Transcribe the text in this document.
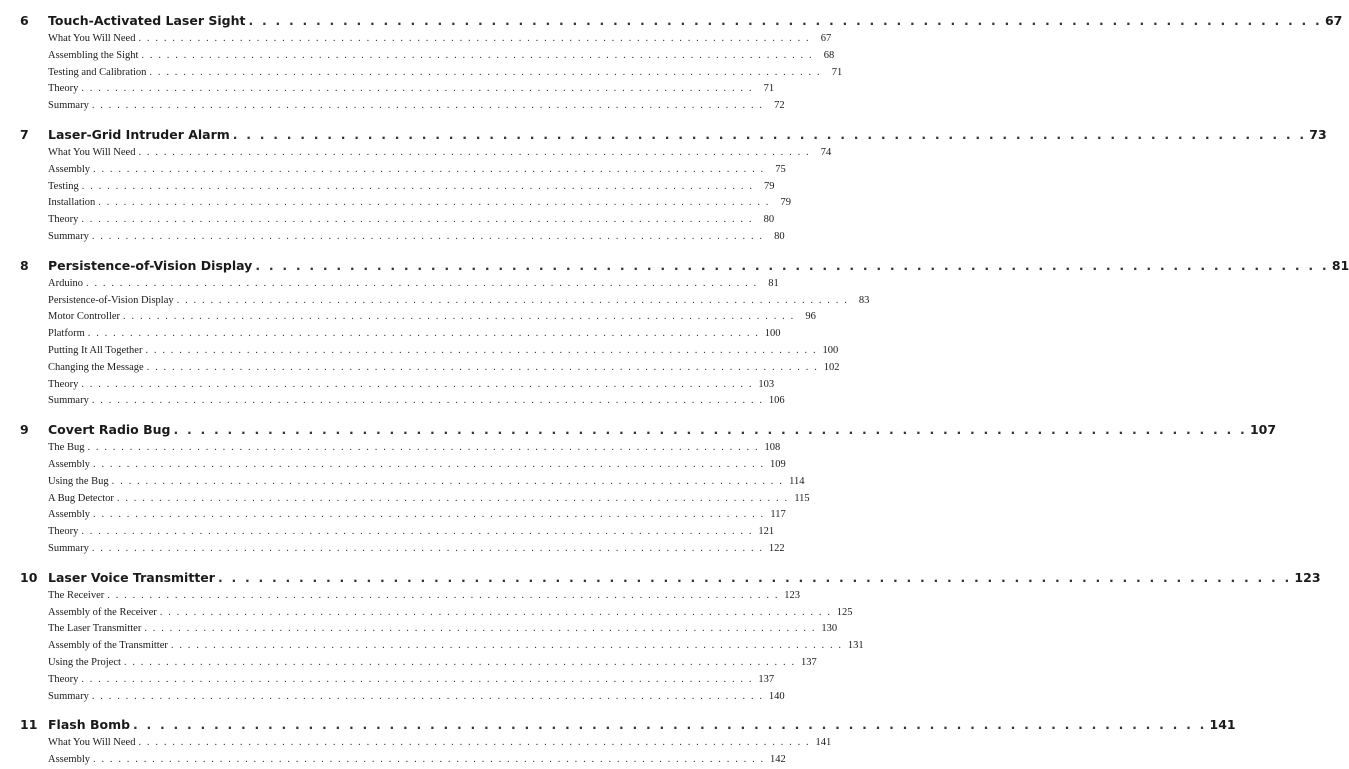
6	Touch-Activated Laser Sight . . . . . . . . . . . . . . . . . . . . . . . . . . . . . . . . . . . . . . . . . . . . . . . . . . . . . . . . . . . . . . . . . . . . . . . . . . . . . . . . 67
What You Will Need . . . . . . . . . . . . . . . . . . . . . . . . . . . . . . . . . . . . . . . . . . . . . . . . . . . . . . . . . . . . . . . . . . . . . . . . . . . . . . . .	67
Assembling the Sight . . . . . . . . . . . . . . . . . . . . . . . . . . . . . . . . . . . . . . . . . . . . . . . . . . . . . . . . . . . . . . . . . . . . . . . . . . . . . . . .	68
Testing and Calibration . . . . . . . . . . . . . . . . . . . . . . . . . . . . . . . . . . . . . . . . . . . . . . . . . . . . . . . . . . . . . . . . . . . . . . . . . . . . . . . .	71
Theory . . . . . . . . . . . . . . . . . . . . . . . . . . . . . . . . . . . . . . . . . . . . . . . . . . . . . . . . . . . . . . . . . . . . . . . . . . . . . . . .	71
Summary . . . . . . . . . . . . . . . . . . . . . . . . . . . . . . . . . . . . . . . . . . . . . . . . . . . . . . . . . . . . . . . . . . . . . . . . . . . . . . . .	72
7	Laser-Grid Intruder Alarm . . . . . . . . . . . . . . . . . . . . . . . . . . . . . . . . . . . . . . . . . . . . . . . . . . . . . . . . . . . . . . . . . . . . . . . . . . . . . . . . 73
What You Will Need . . . . . . . . . . . . . . . . . . . . . . . . . . . . . . . . . . . . . . . . . . . . . . . . . . . . . . . . . . . . . . . . . . . . . . . . . . . . . . . .	74
Assembly . . . . . . . . . . . . . . . . . . . . . . . . . . . . . . . . . . . . . . . . . . . . . . . . . . . . . . . . . . . . . . . . . . . . . . . . . . . . . . . .	75
Testing . . . . . . . . . . . . . . . . . . . . . . . . . . . . . . . . . . . . . . . . . . . . . . . . . . . . . . . . . . . . . . . . . . . . . . . . . . . . . . . .	79
Installation . . . . . . . . . . . . . . . . . . . . . . . . . . . . . . . . . . . . . . . . . . . . . . . . . . . . . . . . . . . . . . . . . . . . . . . . . . . . . . . .	79
Theory . . . . . . . . . . . . . . . . . . . . . . . . . . . . . . . . . . . . . . . . . . . . . . . . . . . . . . . . . . . . . . . . . . . . . . . . . . . . . . . .	80
Summary . . . . . . . . . . . . . . . . . . . . . . . . . . . . . . . . . . . . . . . . . . . . . . . . . . . . . . . . . . . . . . . . . . . . . . . . . . . . . . . .	80
8	Persistence-of-Vision Display . . . . . . . . . . . . . . . . . . . . . . . . . . . . . . . . . . . . . . . . . . . . . . . . . . . . . . . . . . . . . . . . . . . . . . . . . . . . . . . . 81
Arduino . . . . . . . . . . . . . . . . . . . . . . . . . . . . . . . . . . . . . . . . . . . . . . . . . . . . . . . . . . . . . . . . . . . . . . . . . . . . . . . .	81
Persistence-of-Vision Display . . . . . . . . . . . . . . . . . . . . . . . . . . . . . . . . . . . . . . . . . . . . . . . . . . . . . . . . . . . . . . . . . . . . . . . . . . . . . . . .	83
Motor Controller . . . . . . . . . . . . . . . . . . . . . . . . . . . . . . . . . . . . . . . . . . . . . . . . . . . . . . . . . . . . . . . . . . . . . . . . . . . . . . . .	96
Platform . . . . . . . . . . . . . . . . . . . . . . . . . . . . . . . . . . . . . . . . . . . . . . . . . . . . . . . . . . . . . . . . . . . . . . . . . . . . . . . . 100
Putting It All Together . . . . . . . . . . . . . . . . . . . . . . . . . . . . . . . . . . . . . . . . . . . . . . . . . . . . . . . . . . . . . . . . . . . . . . . . . . . . . . . . 100
Changing the Message . . . . . . . . . . . . . . . . . . . . . . . . . . . . . . . . . . . . . . . . . . . . . . . . . . . . . . . . . . . . . . . . . . . . . . . . . . . . . . . . 102
Theory . . . . . . . . . . . . . . . . . . . . . . . . . . . . . . . . . . . . . . . . . . . . . . . . . . . . . . . . . . . . . . . . . . . . . . . . . . . . . . . . 103
Summary . . . . . . . . . . . . . . . . . . . . . . . . . . . . . . . . . . . . . . . . . . . . . . . . . . . . . . . . . . . . . . . . . . . . . . . . . . . . . . . . 106
9	Covert Radio Bug . . . . . . . . . . . . . . . . . . . . . . . . . . . . . . . . . . . . . . . . . . . . . . . . . . . . . . . . . . . . . . . . . . . . . . . . . . . . . . . . 107
The Bug . . . . . . . . . . . . . . . . . . . . . . . . . . . . . . . . . . . . . . . . . . . . . . . . . . . . . . . . . . . . . . . . . . . . . . . . . . . . . . . . 108
Assembly . . . . . . . . . . . . . . . . . . . . . . . . . . . . . . . . . . . . . . . . . . . . . . . . . . . . . . . . . . . . . . . . . . . . . . . . . . . . . . . . 109
Using the Bug . . . . . . . . . . . . . . . . . . . . . . . . . . . . . . . . . . . . . . . . . . . . . . . . . . . . . . . . . . . . . . . . . . . . . . . . . . . . . . . . 114
A Bug Detector . . . . . . . . . . . . . . . . . . . . . . . . . . . . . . . . . . . . . . . . . . . . . . . . . . . . . . . . . . . . . . . . . . . . . . . . . . . . . . . . 115
Assembly . . . . . . . . . . . . . . . . . . . . . . . . . . . . . . . . . . . . . . . . . . . . . . . . . . . . . . . . . . . . . . . . . . . . . . . . . . . . . . . . 117
Theory . . . . . . . . . . . . . . . . . . . . . . . . . . . . . . . . . . . . . . . . . . . . . . . . . . . . . . . . . . . . . . . . . . . . . . . . . . . . . . . . 121
Summary . . . . . . . . . . . . . . . . . . . . . . . . . . . . . . . . . . . . . . . . . . . . . . . . . . . . . . . . . . . . . . . . . . . . . . . . . . . . . . . . 122
10 Laser Voice Transmitter . . . . . . . . . . . . . . . . . . . . . . . . . . . . . . . . . . . . . . . . . . . . . . . . . . . . . . . . . . . . . . . . . . . . . . . . . . . . . . . . 123
The Receiver . . . . . . . . . . . . . . . . . . . . . . . . . . . . . . . . . . . . . . . . . . . . . . . . . . . . . . . . . . . . . . . . . . . . . . . . . . . . . . . . 123
Assembly of the Receiver . . . . . . . . . . . . . . . . . . . . . . . . . . . . . . . . . . . . . . . . . . . . . . . . . . . . . . . . . . . . . . . . . . . . . . . . . . . . . . . . 125
The Laser Transmitter . . . . . . . . . . . . . . . . . . . . . . . . . . . . . . . . . . . . . . . . . . . . . . . . . . . . . . . . . . . . . . . . . . . . . . . . . . . . . . . . 130
Assembly of the Transmitter . . . . . . . . . . . . . . . . . . . . . . . . . . . . . . . . . . . . . . . . . . . . . . . . . . . . . . . . . . . . . . . . . . . . . . . . . . . . . . . . 131
Using the Project . . . . . . . . . . . . . . . . . . . . . . . . . . . . . . . . . . . . . . . . . . . . . . . . . . . . . . . . . . . . . . . . . . . . . . . . . . . . . . . . 137
Theory . . . . . . . . . . . . . . . . . . . . . . . . . . . . . . . . . . . . . . . . . . . . . . . . . . . . . . . . . . . . . . . . . . . . . . . . . . . . . . . . 137
Summary . . . . . . . . . . . . . . . . . . . . . . . . . . . . . . . . . . . . . . . . . . . . . . . . . . . . . . . . . . . . . . . . . . . . . . . . . . . . . . . . 140
11 Flash Bomb . . . . . . . . . . . . . . . . . . . . . . . . . . . . . . . . . . . . . . . . . . . . . . . . . . . . . . . . . . . . . . . . . . . . . . . . . . . . . . . . 141
What You Will Need . . . . . . . . . . . . . . . . . . . . . . . . . . . . . . . . . . . . . . . . . . . . . . . . . . . . . . . . . . . . . . . . . . . . . . . . . . . . . . . . 141
Assembly . . . . . . . . . . . . . . . . . . . . . . . . . . . . . . . . . . . . . . . . . . . . . . . . . . . . . . . . . . . . . . . . . . . . . . . . . . . . . . . . 142
